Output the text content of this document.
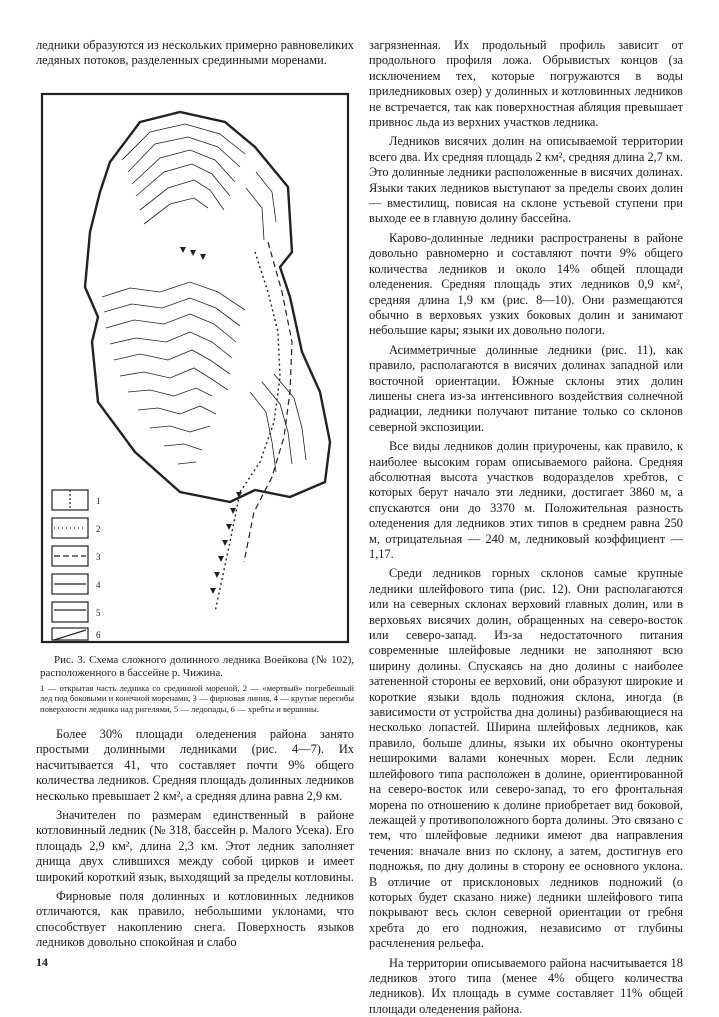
ледники образуются из нескольких примерно равновеликих ледяных потоков, разделенных срединными моренами.

1
2
3
4
5
6

Рис. 3. Схема сложного долинного ледника Воейкова (№ 102), расположенного в бассейне р. Чижина.

1 — открытая часть ледника со срединной мореной, 2 — «мертвый» погребенный лед под боковыми и конечной моренами, 3 — фирновая линия, 4 — крутые перегибы поверхности ледника над ригелями, 5 — ледопады, 6 — хребты и вершины.

Более 30% площади оледенения района занято простыми долинными ледниками (рис. 4—7). Их насчитывается 41, что составляет почти 9% общего количества ледников. Средняя площадь долинных ледников несколько превышает 2 км², а средняя длина равна 2,9 км.

Значителен по размерам единственный в районе котловинный ледник (№ 318, бассейн р. Малого Усека). Его площадь 2,9 км², длина 2,3 км. Этот ледник заполняет днища двух слившихся между собой цирков и имеет широкий короткий язык, выходящий за пределы котловины.

Фирновые поля долинных и котловинных ледников отличаются, как правило, небольшими уклонами, что способствует накоплению снега. Поверхность языков ледников довольно спокойная и слабо

загрязненная. Их продольный профиль зависит от продольного профиля ложа. Обрывистых концов (за исключением тех, которые погружаются в воды приледниковых озер) у долинных и котловинных ледников не встречается, так как поверхностная абляция превышает привнос льда из верхних участков ледника.

Ледников висячих долин на описываемой территории всего два. Их средняя площадь 2 км², средняя длина 2,7 км. Это долинные ледники расположенные в висячих долинах. Языки таких ледников выступают за пределы своих долин — вместилищ, повисая на склоне устьевой ступени при выходе ее в главную долину бассейна.

Карово-долинные ледники распространены в районе довольно равномерно и составляют почти 9% общего количества ледников и около 14% общей площади оледенения. Средняя площадь этих ледников 0,9 км², средняя длина 1,9 км (рис. 8—10). Они размещаются обычно в верховьях узких боковых долин и занимают небольшие кары; языки их довольно пологи.

Асимметричные долинные ледники (рис. 11), как правило, располагаются в висячих долинах западной или восточной ориентации. Южные склоны этих долин лишены снега из-за интенсивного воздействия солнечной радиации, ледники получают питание только со склонов северной экспозиции.

Все виды ледников долин приурочены, как правило, к наиболее высоким горам описываемого района. Средняя абсолютная высота участков водоразделов хребтов, с которых берут начало эти ледники, достигает 3860 м, а спускаются они до 3370 м. Положительная разность оледенения для ледников этих типов в среднем равна 250 м, отрицательная — 240 м, ледниковый коэффициент — 1,17.

Среди ледников горных склонов самые крупные ледники шлейфового типа (рис. 12). Они располагаются или на северных склонах верховий главных долин, или в верховьях висячих долин, обращенных на северо-восток или северо-запад. Из-за недостаточного питания современные шлейфовые ледники не заполняют всю ширину долины. Спускаясь на дно долины с наиболее затененной стороны ее верховий, они образуют широкие и короткие языки вдоль подножия склона, иногда (в зависимости от устройства дна долины) разбивающиеся на несколько лопастей. Ширина шлейфовых ледников, как правило, больше длины, языки их обычно оконтурены неширокими валами конечных морен. Если ледник шлейфового типа расположен в долине, ориентированной на северо-восток или северо-запад, то его фронтальная морена по отношению к долине приобретает вид боковой, лежащей у противоположного борта долины. Это связано с тем, что шлейфовые ледники имеют два направления течения: вначале вниз по склону, а затем, достигнув его подножья, по дну долины в сторону ее основного уклона. В отличие от присклоновых ледников подножий (о которых будет сказано ниже) ледники шлейфового типа покрывают весь склон северной ориентации от гребня хребта до его подножия, независимо от глубины расчленения рельефа.

На территории описываемого района насчитывается 18 ледников этого типа (менее 4% общего количества ледников). Их площадь в сумме составляет 11% общей площади оледенения района.

14
